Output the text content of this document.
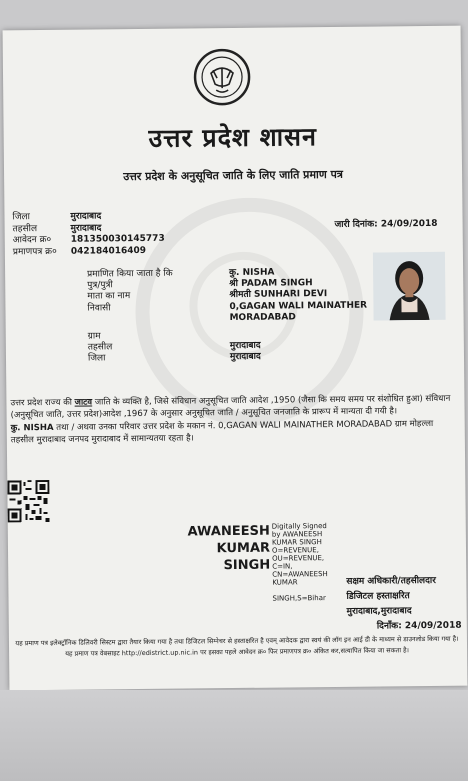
उत्तर प्रदेश शासन
उत्तर प्रदेश के अनुसूचित जाति के लिए जाति प्रमाण पत्र
जिला	मुरादाबाद
तहसील	मुरादाबाद
आवेदन क्र०	181350030145773
प्रमाणपत्र क्र०	042184016409
जारी दिनांक: 24/09/2018
प्रमाणित किया जाता है कि	कु. NISHA
पुत्र/पुत्री	श्री PADAM SINGH
माता का नाम	श्रीमती SUNHARI DEVI
निवासी	0,GAGAN WALI MAINATHER MORADABAD
ग्राम
तहसील	मुरादाबाद
जिला	मुरादाबाद
उत्तर प्रदेश राज्य की जाटव जाति के व्यक्ति है, जिसे संविधान अनुसूचित जाति आदेश ,1950 (जैसा कि समय समय पर संशोधित हुआ) संविधान (अनुसूचित जाति, उत्तर प्रदेश)आदेश ,1967 के अनुसार अनुसूचित जाति / अनुसूचित जनजाति के प्रारूप में मान्यता दी गयी है।
कु. NISHA तथा / अथवा उनका परिवार उत्तर प्रदेश के मकान नं. 0,GAGAN WALI MAINATHER MORADABAD ग्राम मोहल्ला तहसील मुरादाबाद जनपद मुरादाबाद में सामान्यतया रहता है।
AWANEESH
KUMAR
SINGH
Digitally Signed
by AWANEESH
KUMAR SINGH
O=REVENUE,
OU=REVENUE,
C=IN,
CN=AWANEESH
KUMAR
SINGH,S=Bihar
सक्षम अधिकारी/तहसीलदार
डिजिटल हस्ताक्षरित
मुरादाबाद,मुरादाबाद
दिनाँक: 24/09/2018
यह प्रमाण पत्र इलेक्ट्रॉनिक डिलिवरी सिस्टम द्वारा तैयार किया गया है तथा डिजिटल सिग्नेचर से हस्ताक्षरित है एवम् आवेदक द्वारा स्वयं की लॉग इन आई डी के माध्यम से डाउनलोड किया गया है। यह प्रमाण पत्र वेबसाइट http://edistrict.up.nic.in पर इसका पहले आवेदन क्र० फिर प्रमाणपत्र क्र० अंकित कर,सत्यापित किया जा सकता है।
